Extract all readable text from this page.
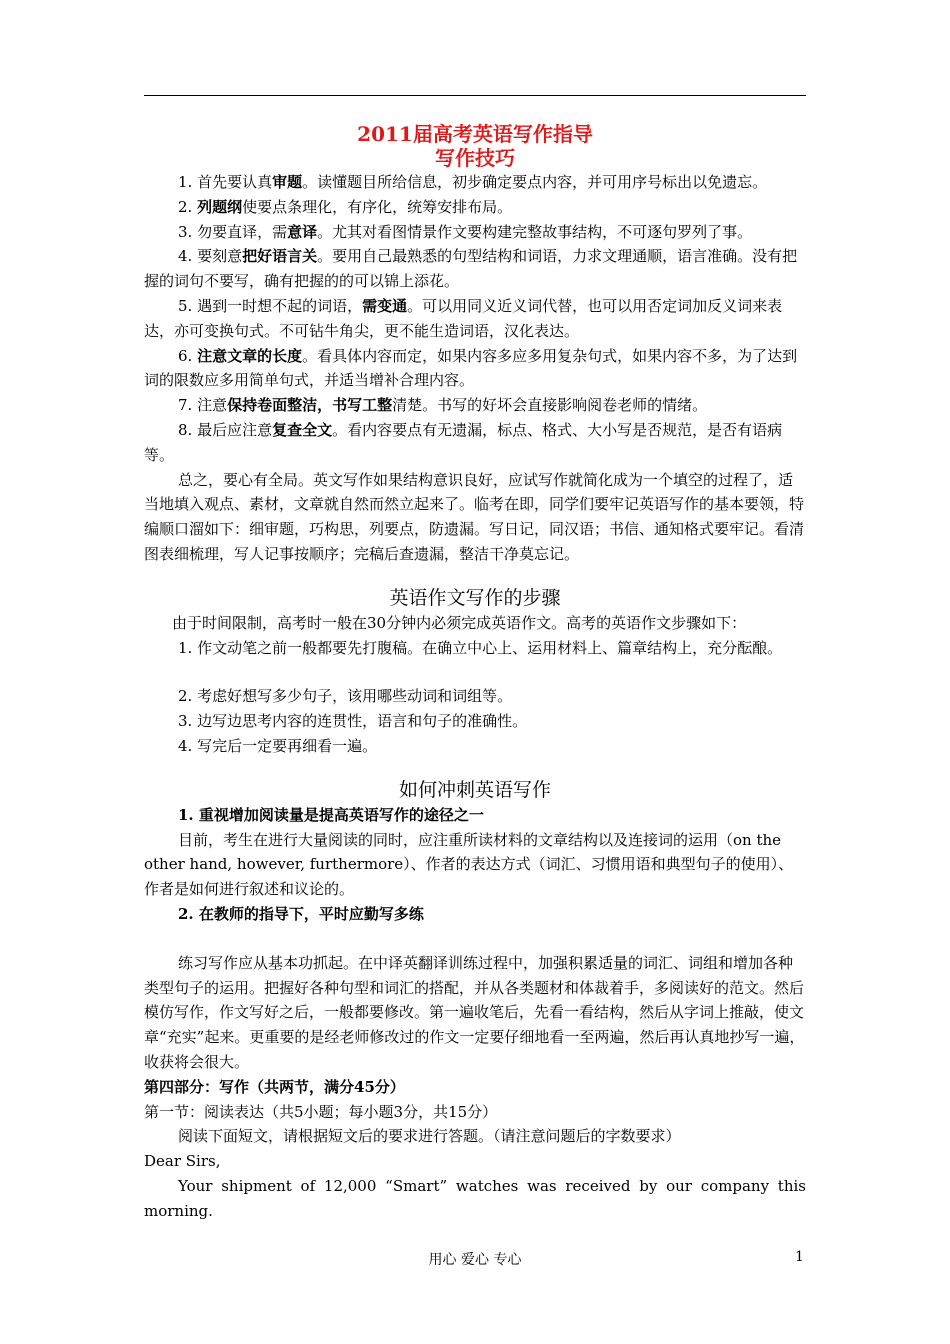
2011届高考英语写作指导

写作技巧

1. 首先要认真审题。读懂题目所给信息，初步确定要点内容，并可用序号标出以免遗忘。

2. 列题纲使要点条理化，有序化，统筹安排布局。

3. 勿要直译，需意译。尤其对看图情景作文要构建完整故事结构，不可逐句罗列了事。

4. 要刻意把好语言关。要用自己最熟悉的句型结构和词语，力求文理通顺，语言准确。没有把握的词句不要写，确有把握的的可以锦上添花。

5. 遇到一时想不起的词语，需变通。可以用同义近义词代替，也可以用否定词加反义词来表达，亦可变换句式。不可钻牛角尖，更不能生造词语，汉化表达。

6. 注意文章的长度。看具体内容而定，如果内容多应多用复杂句式，如果内容不多，为了达到词的限数应多用简单句式，并适当增补合理内容。

7. 注意保持卷面整洁，书写工整清楚。书写的好坏会直接影响阅卷老师的情绪。

8. 最后应注意复查全文。看内容要点有无遗漏，标点、格式、大小写是否规范，是否有语病等。

总之，要心有全局。英文写作如果结构意识良好，应试写作就简化成为一个填空的过程了，适当地填入观点、素材，文章就自然而然立起来了。临考在即，同学们要牢记英语写作的基本要领，特编顺口溜如下：细审题，巧构思，列要点，防遗漏。写日记，同汉语；书信、通知格式要牢记。看清图表细梳理，写人记事按顺序；完稿后查遗漏，整洁干净莫忘记。

英语作文写作的步骤

由于时间限制，高考时一般在30分钟内必须完成英语作文。高考的英语作文步骤如下：

1. 作文动笔之前一般都要先打腹稿。在确立中心上、运用材料上、篇章结构上，充分酝酿。

2. 考虑好想写多少句子，该用哪些动词和词组等。

3. 边写边思考内容的连贯性，语言和句子的准确性。

4. 写完后一定要再细看一遍。

如何冲刺英语写作

1. 重视增加阅读量是提高英语写作的途径之一

目前，考生在进行大量阅读的同时，应注重所读材料的文章结构以及连接词的运用（on the other hand, however, furthermore）、作者的表达方式（词汇、习惯用语和典型句子的使用）、作者是如何进行叙述和议论的。

2. 在教师的指导下，平时应勤写多练

练习写作应从基本功抓起。在中译英翻译训练过程中，加强积累适量的词汇、词组和增加各种类型句子的运用。把握好各种句型和词汇的搭配，并从各类题材和体裁着手，多阅读好的范文。然后模仿写作，作文写好之后，一般都要修改。第一遍收笔后，先看一看结构，然后从字词上推敲，使文章“充实”起来。更重要的是经老师修改过的作文一定要仔细地看一至两遍，然后再认真地抄写一遍，收获将会很大。

第四部分：写作（共两节，满分45分）

第一节：阅读表达（共5小题；每小题3分，共15分）

阅读下面短文，请根据短文后的要求进行答题。（请注意问题后的字数要求）

Dear Sirs,

Your shipment of 12,000 “Smart” watches was received by our company this morning.

用心 爱心 专心	1
